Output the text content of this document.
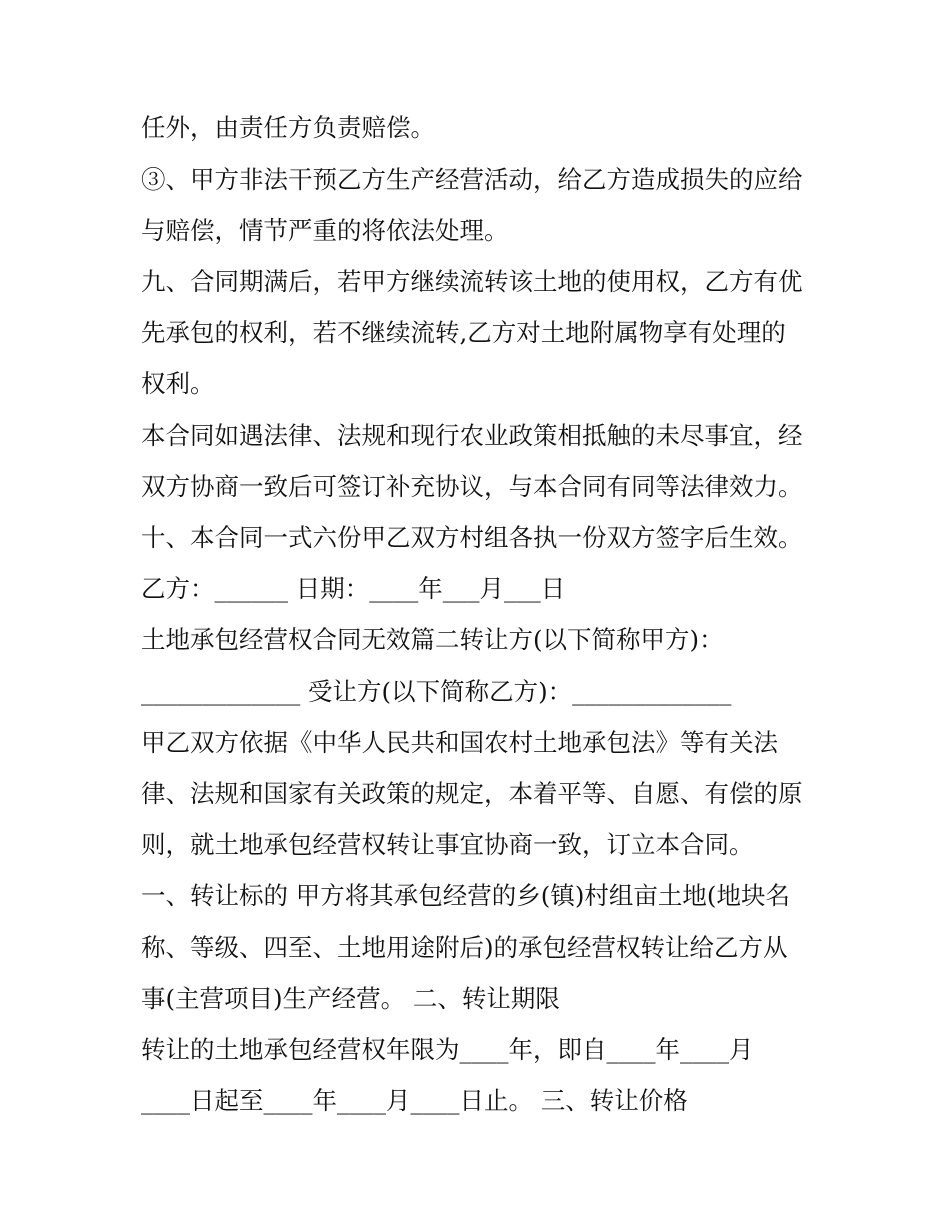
任外，由责任方负责赔偿。

③、甲方非法干预乙方生产经营活动，给乙方造成损失的应给

与赔偿，情节严重的将依法处理。

九、合同期满后，若甲方继续流转该土地的使用权，乙方有优

先承包的权利，若不继续流转,乙方对土地附属物享有处理的

权利。

本合同如遇法律、法规和现行农业政策相抵触的未尽事宜，经

双方协商一致后可签订补充协议，与本合同有同等法律效力。

十、本合同一式六份甲乙双方村组各执一份双方签字后生效。

乙方：______ 日期：____年___月___日

土地承包经营权合同无效篇二转让方(以下简称甲方)：

_____________ 受让方(以下简称乙方)：_____________

甲乙双方依据《中华人民共和国农村土地承包法》等有关法

律、法规和国家有关政策的规定，本着平等、自愿、有偿的原

则，就土地承包经营权转让事宜协商一致，订立本合同。

一、转让标的 甲方将其承包经营的乡(镇)村组亩土地(地块名

称、等级、四至、土地用途附后)的承包经营权转让给乙方从

事(主营项目)生产经营。 二、转让期限

转让的土地承包经营权年限为____年，即自____年____月

____日起至____年____月____日止。 三、转让价格
